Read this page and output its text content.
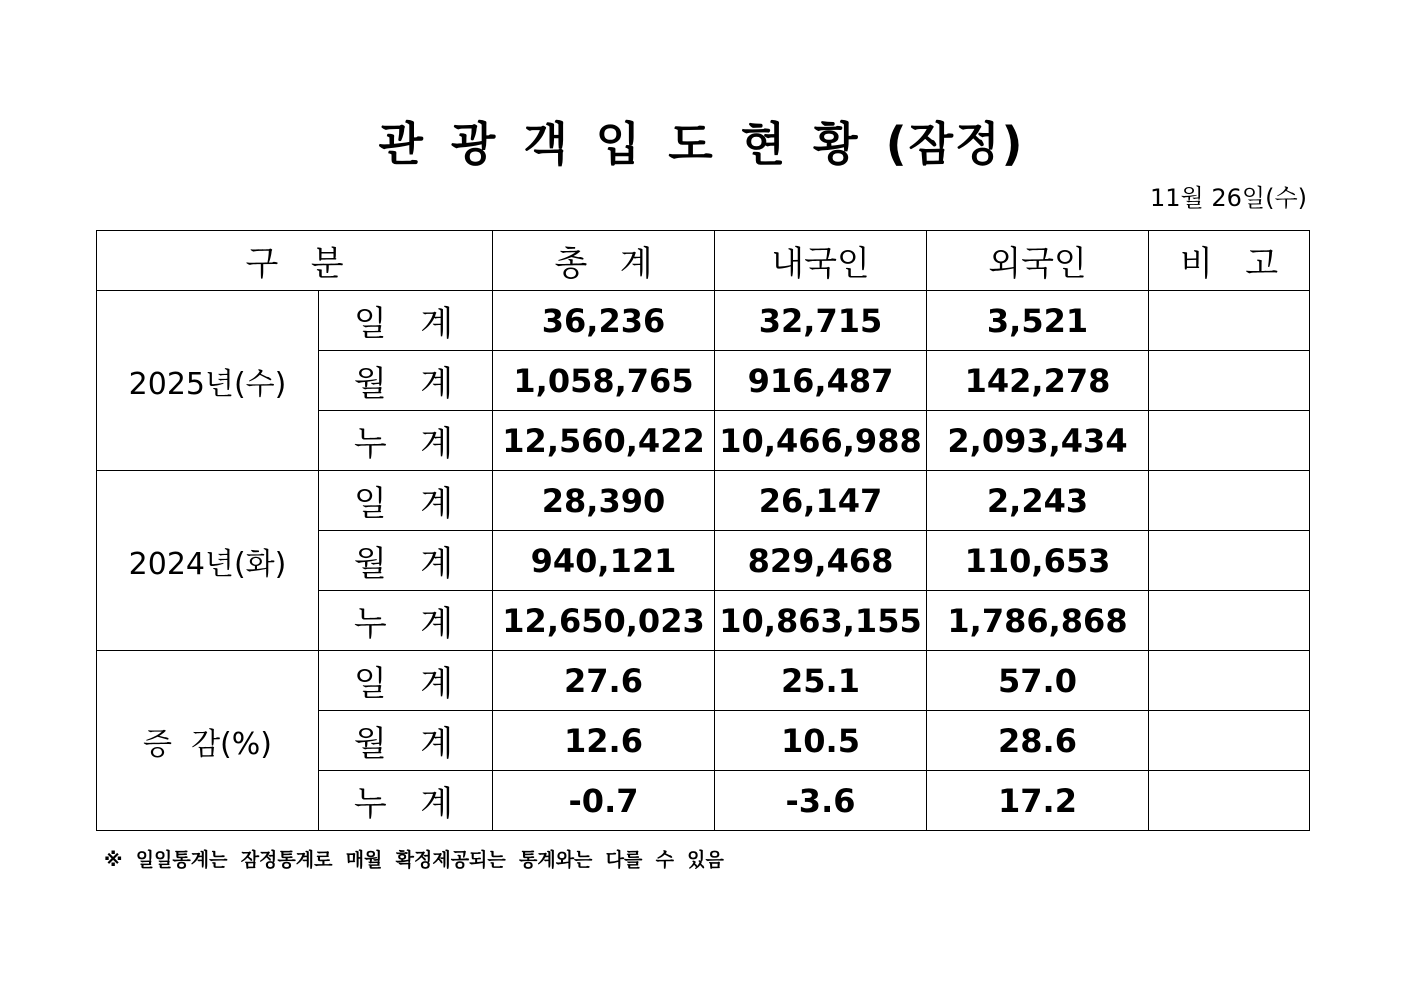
관 광 객 입 도 현 황 (잠정)
11월 26일(수)
구   분		총   계	내국인	외국인	비   고
2025년(수)	일  계	36,236	32,715	3,521	
	월  계	1,058,765	916,487	142,278	
	누  계	12,560,422	10,466,988	2,093,434	
2024년(화)	일  계	28,390	26,147	2,243	
	월  계	940,121	829,468	110,653	
	누  계	12,650,023	10,863,155	1,786,868	
증  감(%)	일  계	27.6	25.1	57.0	
	월  계	12.6	10.5	28.6	
	누  계	-0.7	-3.6	17.2	
※  일일통계는  잠정통계로  매월  확정제공되는  통계와는  다를  수  있음
